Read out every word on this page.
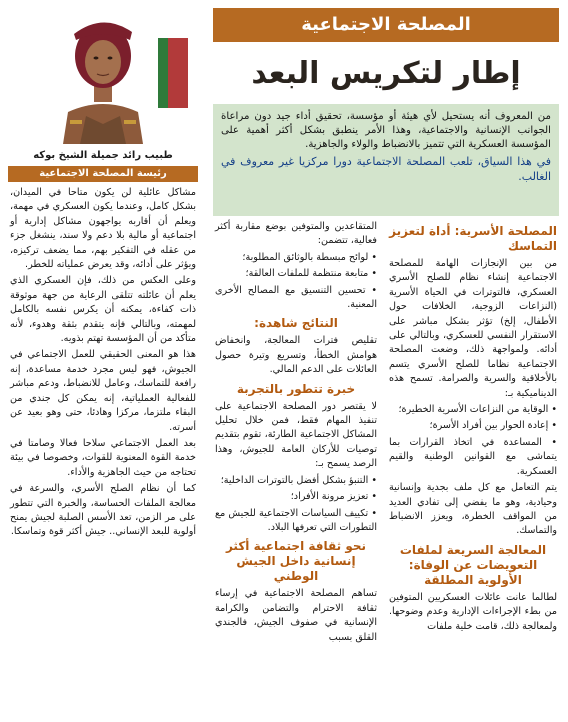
المصلحة الاجتماعية
إطار لتكريس البعد
طبيب رائد جميلة الشيخ بوكه
رئيسة المصلحة الاجتماعية

من المعروف أنه يستحيل لأي هيئة أو مؤسسة، تحقيق أداء جيد دون مراعاة الجوانب الإنسانية والاجتماعية، وهذا الأمر ينطبق بشكل أكثر أهمية على المؤسسة العسكرية التي تتميز بالانضباط والولاء والجاهزية.

في هذا السياق، تلعب المصلحة الاجتماعية دورا مركزيا غير معروف في الغالب.

المصلحة الأسرية: أداة لتعزيز التماسك

من بين الإنجازات الهامة للمصلحة الاجتماعية إنشاء نظام للصلح الأسري العسكري، فالتوترات في الحياة الأسرية (النزاعات الزوجية، الخلافات حول الأطفال، إلخ) تؤثر بشكل مباشر على الاستقرار النفسي للعسكري، وبالتالي على أدائه. ولمواجهة ذلك، وضعت المصلحة الاجتماعية نظاما للصلح الأسري يتسم بالأخلاقية والسرية والصرامة. تسمح هذه الديناميكية بـ:

• الوقاية من النزاعات الأسرية الخطيرة؛

• إعادة الحوار بين أفراد الأسرة؛

• المساعدة في اتخاذ القرارات بما يتماشى مع القوانين الوطنية والقيم العسكرية.

يتم التعامل مع كل ملف بجدية وإنسانية وحيادية، وهو ما يفضي إلى تفادي العديد من المواقف الخطرة، ويعزز الانضباط والتماسك.

المعالجة السريعة لملفات التعويضات عن الوفاة: الأولوية المطلقة

لطالما عانت عائلات العسكريين المتوفين من بطء الإجراءات الإدارية وعدم وضوحها. ولمعالجة ذلك، قامت خلية ملفات

المتقاعدين والمتوفين بوضع مقاربة أكثر فعالية، تتضمن:

• لوائح مبسطة بالوثائق المطلوبة؛

• متابعة منتظمة للملفات العالقة؛

• تحسين التنسيق مع المصالح الأخرى المعنية.

النتائج شاهدة:

تقليص فترات المعالجة، وانخفاض هوامش الخطأ، وتسريع وتيرة حصول العائلات على الدعم المالي.

خبرة تتطور بالتجربة

لا يقتصر دور المصلحة الاجتماعية على تنفيذ المهام فقط، فمن خلال تحليل المشاكل الاجتماعية الطارئة، تقوم بتقديم توصيات للأركان العامة للجيوش، وهذا الرصد يسمح بـ:

• التنبؤ بشكل أفضل بالتوترات الداخلية؛

• تعزيز مرونة الأفراد؛

• تكييف السياسات الاجتماعية للجيش مع التطورات التي تعرفها البلاد.

نحو ثقافة اجتماعية أكثر إنسانية داخل الجيش الوطني

تساهم المصلحة الاجتماعية في إرساء ثقافة الاحترام والتضامن والكرامة الإنسانية في صفوف الجيش، فالجندي القلق بسبب

مشاكل عائلية لن يكون متاحا في الميدان، بشكل كامل، وعندما يكون العسكري في مهمة، ويعلم أن أقاربه يواجهون مشاكل إدارية أو اجتماعية أو مالية بلا دعم ولا سند، ينشغل جزء من عقله في التفكير بهم، مما يضعف تركيزه، ويؤثر على أدائه، وقد يعرض عملياته للخطر.

وعلى العكس من ذلك، فإن العسكري الذي يعلم أن عائلته تتلقى الرعاية من جهة موثوقة ذات كفاءة، يمكنه أن يكرس نفسه بالكامل لمهمته، وبالتالي فإنه يتقدم بثقة وهدوء، لأنه متأكد من أن المؤسسة تهتم بذويه.

هذا هو المعنى الحقيقي للعمل الاجتماعي في الجيوش، فهو ليس مجرد خدمة مساعدة، إنه رافعة للتماسك، وعامل للانضباط، ودعم مباشر للفعالية العملياتية، إنه يمكن كل جندي من البقاء ملتزما، مركزا وهادئا، حتى وهو بعيد عن أسرته.

بعد العمل الاجتماعي سلاحا فعالا وصامتا في خدمة القوة المعنوية للقوات، وخصوصا في بيئة تحتاجه من حيث الجاهزية والأداء.

كما أن نظام الصلح الأسري، والسرعة في معالجة الملفات الحساسة، والخبرة التي تتطور على مر الزمن، تعد الأسس الصلبة لجيش يمنح أولوية للبعد الإنساني.. جيش أكثر قوة وتماسكا.
